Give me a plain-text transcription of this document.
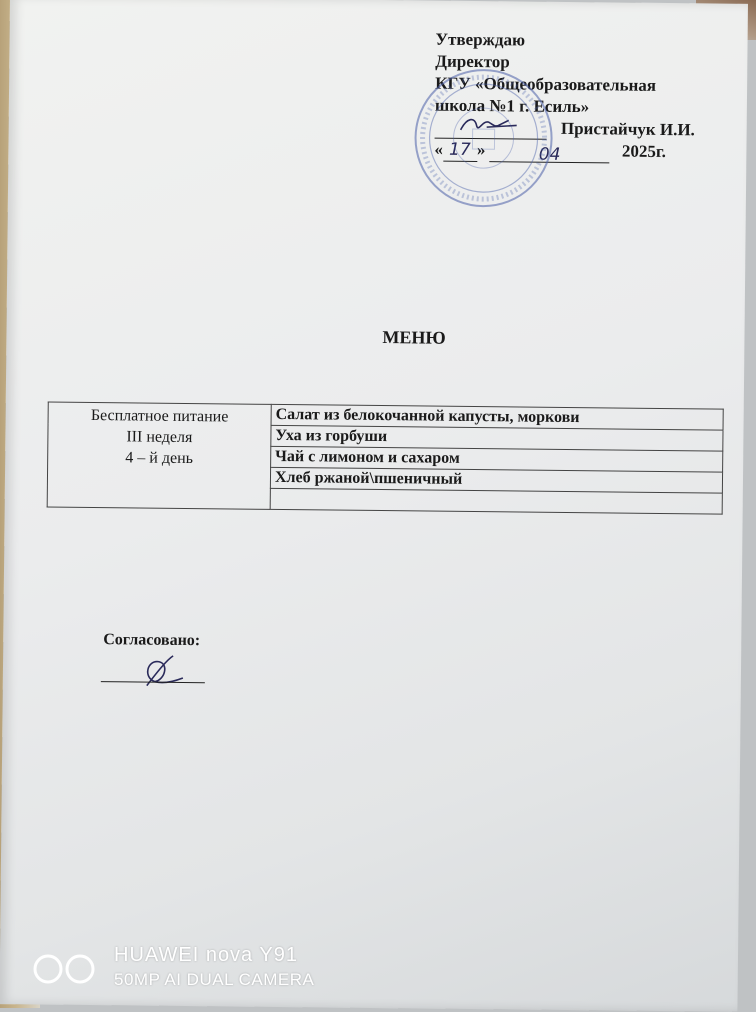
Утверждаю
Директор
КГУ «Общеобразовательная
школа №1 г. Есиль»
Пристайчук И.И.
« 17 »	04	2025г.
МЕНЮ
Бесплатное питание
III неделя
4 – й день
	Салат из белокочанной капусты, моркови
Уха из горбуши
Чай с лимоном и сахаром
Хлеб ржаной\пшеничный

Согласовано:
HUAWEI nova Y91
50MP AI DUAL CAMERA
